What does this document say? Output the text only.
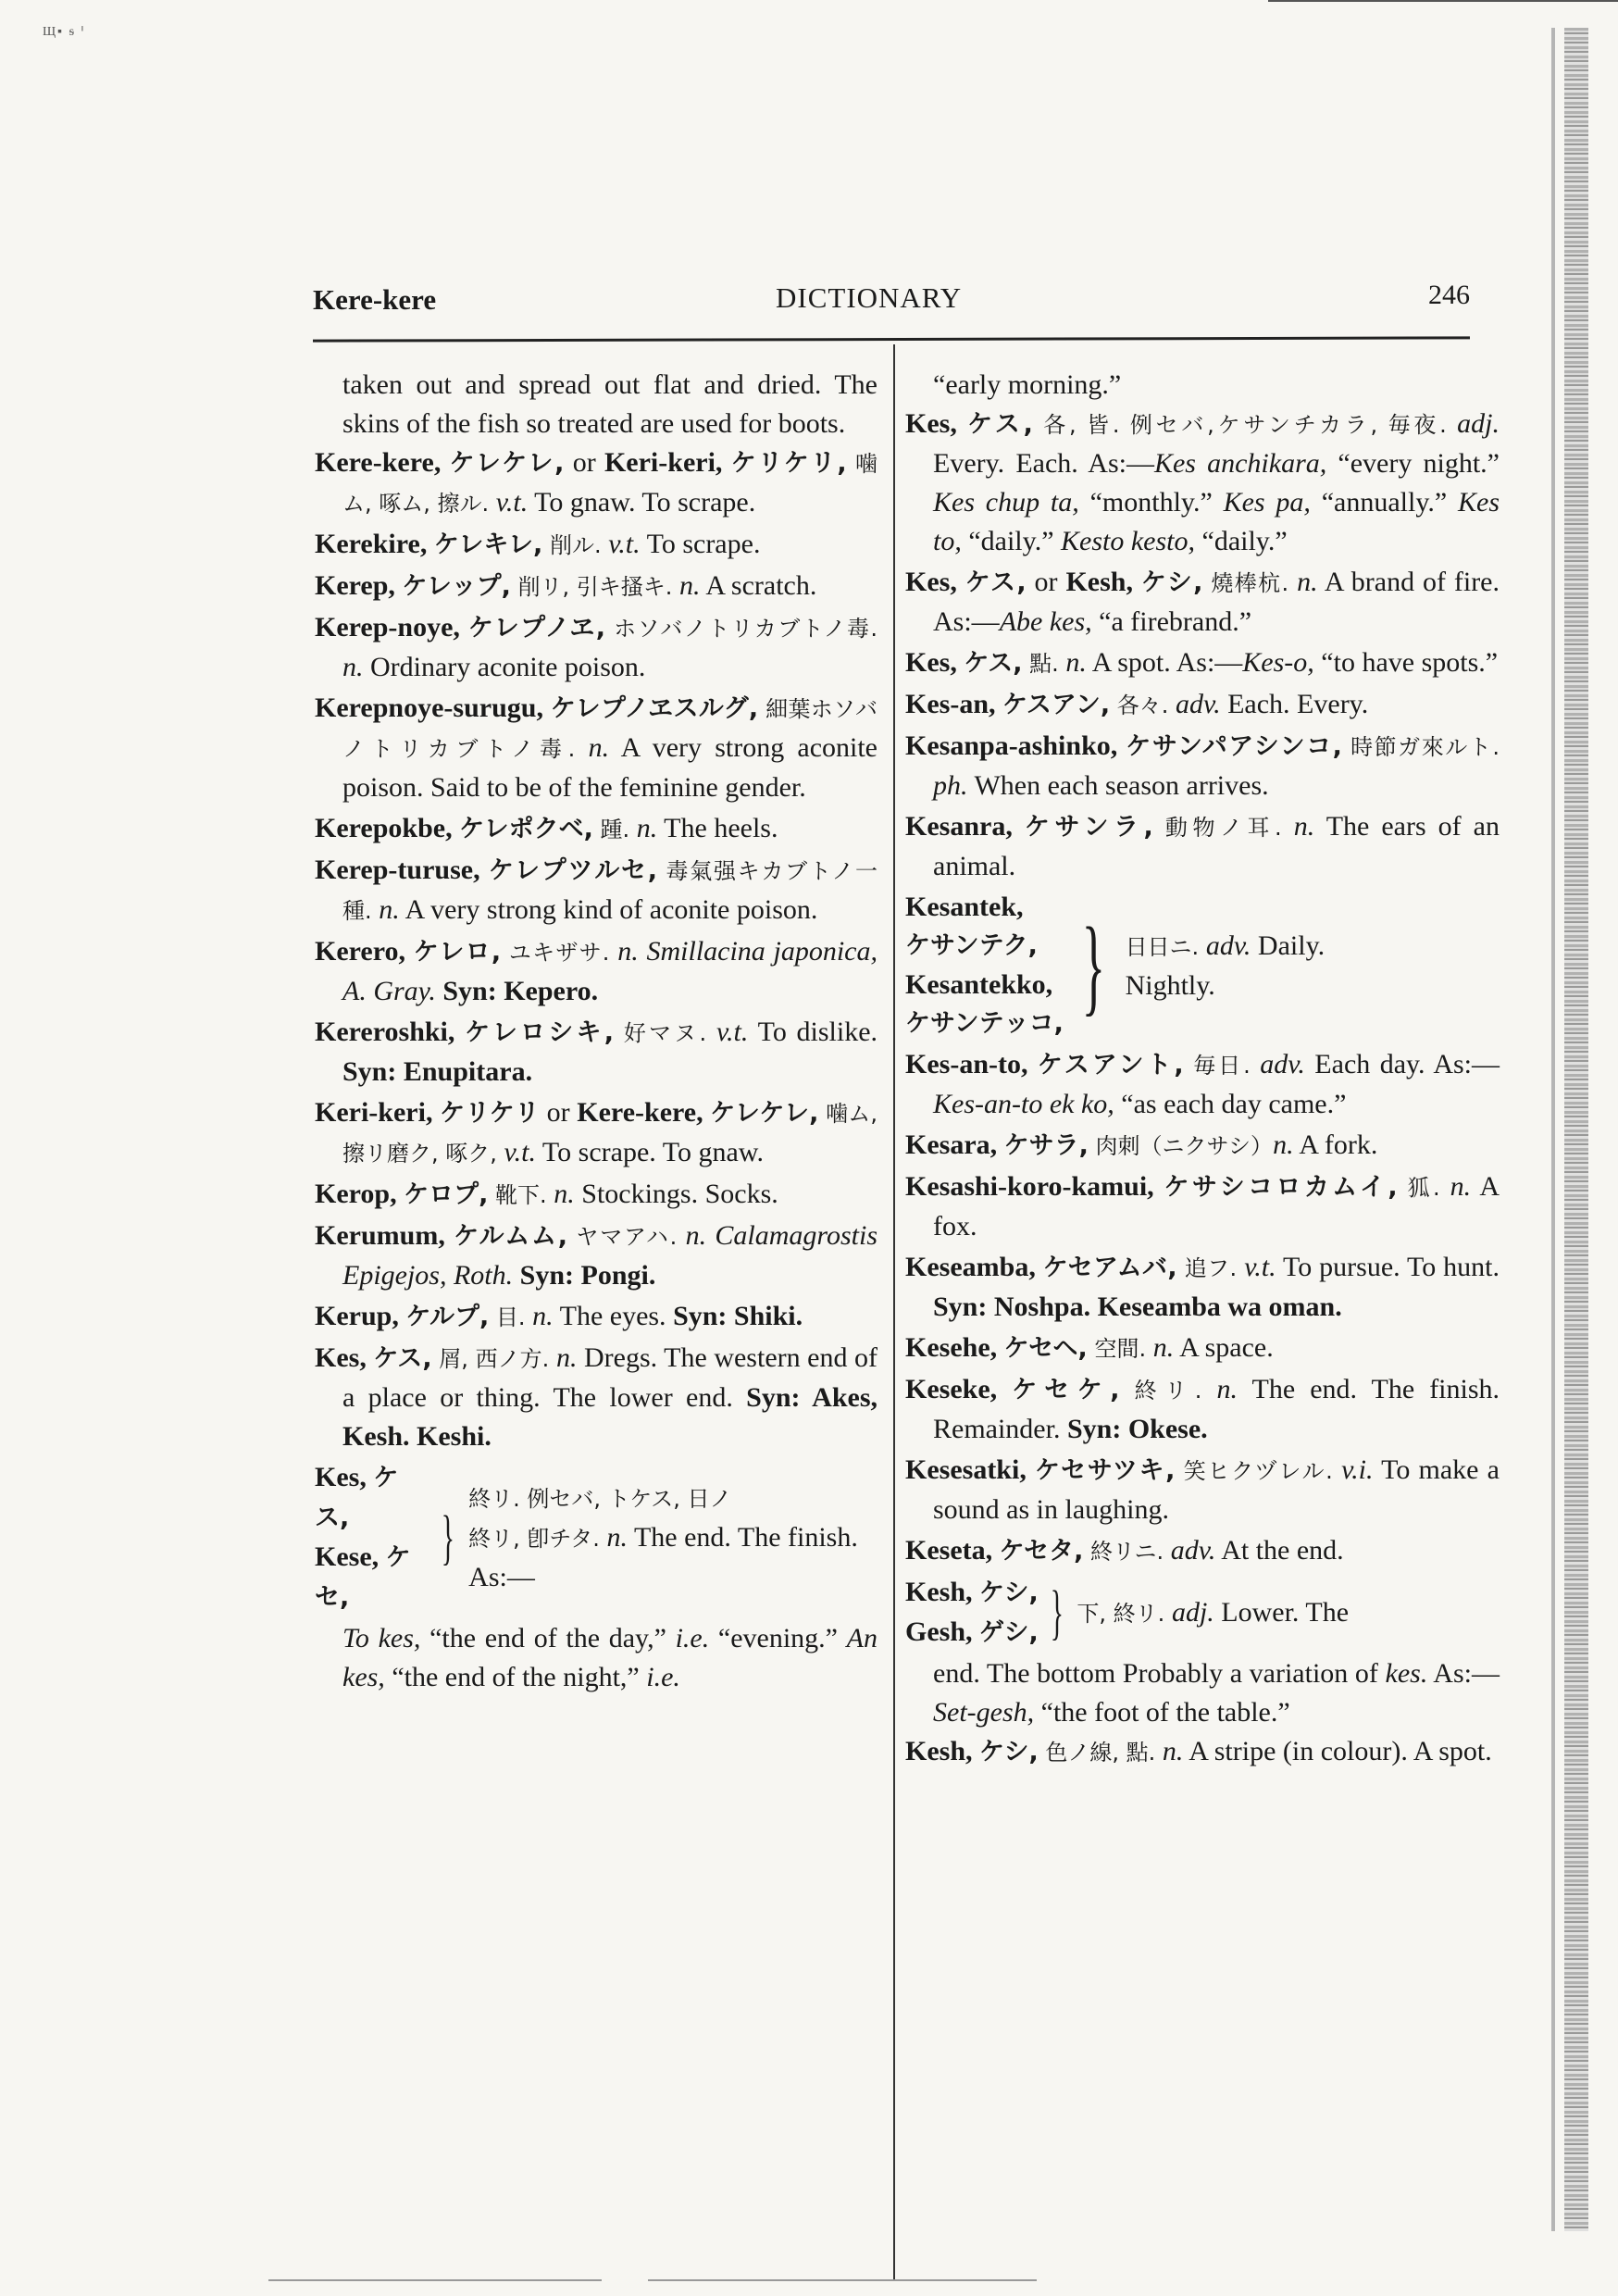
Щ▪︎ ᵴ ᑊ
Kere-kere	DICTIONARY	246
taken out and spread out flat and dried. The skins of the fish so treated are used for boots.
Kere-kere, ケレケレ, or Keri-keri, ケリケリ, 噛ム, 啄ム, 擦ル. v.t. To gnaw. To scrape.
Kerekire, ケレキレ, 削ル. v.t. To scrape.
Kerep, ケレップ, 削リ, 引キ搔キ. n. A scratch.
Kerep-noye, ケレプノヱ, ホソバノトリカブトノ毒. n. Ordinary aconite poison.
Kerepnoye-surugu, ケレプノヱスルグ, 細葉ホソバノトリカブトノ毒. n. A very strong aconite poison. Said to be of the feminine gender.
Kerepokbe, ケレポクベ, 踵. n. The heels.
Kerep-turuse, ケレプツルセ, 毒氣强キカブトノ一種. n. A very strong kind of aconite poison.
Kerero, ケレロ, ユキザサ. n. Smillacina japonica, A. Gray. Syn: Kepero.
Kereroshki, ケレロシキ, 好マヌ. v.t. To dislike. Syn: Enupitara.
Keri-keri, ケリケリ or Kere-kere, ケレケレ, 噛ム, 擦リ磨ク, 啄ク, v.t. To scrape. To gnaw.
Kerop, ケロプ, 靴下. n. Stockings. Socks.
Kerumum, ケルムム, ヤマアハ. n. Calamagrostis Epigejos, Roth. Syn: Pongi.
Kerup, ケルプ, 目. n. The eyes. Syn: Shiki.
Kes, ケス, 屑, 西ノ方. n. Dregs. The western end of a place or thing. The lower end. Syn: Akes, Kesh. Keshi.
Kes, ケス,
Kese, ケセ,
}
終リ. 例セバ, トケス, 日ノ
終リ, 卽チタ. n. The end. The finish. As:—
To kes, “the end of the day,” i.e. “evening.” An kes, “the end of the night,” i.e.
“early morning.”
Kes, ケス, 各, 皆. 例セバ,ケサンチカラ, 毎夜. adj. Every. Each. As:—Kes anchikara, “every night.” Kes chup ta, “monthly.” Kes pa, “annually.” Kes to, “daily.” Kesto kesto, “daily.”
Kes, ケス, or Kesh, ケシ, 燒棒杭. n. A brand of fire. As:—Abe kes, “a firebrand.”
Kes, ケス, 點. n. A spot. As:—Kes-o, “to have spots.”
Kes-an, ケスアン, 各々. adv. Each. Every.
Kesanpa-ashinko, ケサンパアシンコ, 時節ガ來ルト. ph. When each season arrives.
Kesanra, ケサンラ, 動物ノ耳. n. The ears of an animal.
Kesantek,
ケサンテク,
Kesantekko,
ケサンテッコ, } 日日ニ. adv. Daily.
Nightly.
Kes-an-to, ケスアント, 毎日. adv. Each day. As:—Kes-an-to ek ko, “as each day came.”
Kesara, ケサラ, 肉刺（ニクサシ）n. A fork.
Kesashi-koro-kamui, ケサシコロカムイ, 狐. n. A fox.
Keseamba, ケセアムバ, 追フ. v.t. To pursue. To hunt. Syn: Noshpa. Keseamba wa oman.
Kesehe, ケセヘ, 空間. n. A space.
Keseke, ケセケ, 終リ. n. The end. The finish. Remainder. Syn: Okese.
Kesesatki, ケセサツキ, 笑ヒクヅレル. v.i. To make a sound as in laughing.
Keseta, ケセタ, 終リニ. adv. At the end.
Kesh, ケシ,
Gesh, ゲシ, } 下, 終リ. adj. Lower. The
end. The bottom Probably a variation of kes. As:—Set-gesh, “the foot of the table.”
Kesh, ケシ, 色ノ線, 點. n. A stripe (in colour). A spot.
